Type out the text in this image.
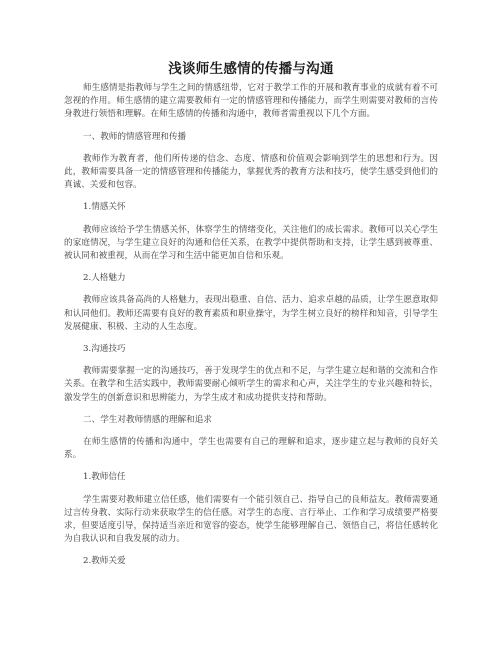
浅谈师生感情的传播与沟通

师生感情是指教师与学生之间的情感纽带，它对于教学工作的开展和教育事业的成就有着不可忽视的作用。师生感情的建立需要教师有一定的情感管理和传播能力，而学生则需要对教师的言传身教进行领悟和理解。在师生感情的传播和沟通中，教师者需重视以下几个方面。

一、教师的情感管理和传播

教师作为教育者，他们所传递的信念、态度、情感和价值观会影响到学生的思想和行为。因此，教师需要具备一定的情感管理和传播能力，掌握优秀的教育方法和技巧，使学生感受到他们的真诚、关爱和包容。

1.情感关怀

教师应该给予学生情感关怀，体察学生的情绪变化，关注他们的成长需求。教师可以关心学生的家庭情况，与学生建立良好的沟通和信任关系，在教学中提供帮助和支持，让学生感到被尊重、被认同和被重视，从而在学习和生活中能更加自信和乐观。

2.人格魅力

教师应该具备高尚的人格魅力，表现出稳重、自信、活力、追求卓越的品质，让学生愿意取仰和认同他们。教师还需要有良好的教育素质和职业操守，为学生树立良好的榜样和知音，引导学生发展健康、积极、主动的人生态度。

3.沟通技巧

教师需要掌握一定的沟通技巧，善于发现学生的优点和不足，与学生建立起和谐的交流和合作关系。在教学和生活实践中，教师需要耐心倾听学生的需求和心声，关注学生的专业兴趣和特长，激发学生的创新意识和思辨能力，为学生成才和成功提供支持和帮助。

二、学生对教师情感的理解和追求

在师生感情的传播和沟通中，学生也需要有自己的理解和追求，逐步建立起与教师的良好关系。

1.教师信任

学生需要对教师建立信任感，他们需要有一个能引领自己、指导自己的良师益友。教师需要通过言传身教、实际行动来获取学生的信任感。对学生的态度、言行举止、工作和学习成绩要严格要求，但要适度引导，保持适当亲近和宽容的姿态，使学生能够理解自己、领悟自己，将信任感转化为自我认识和自我发展的动力。

2.教师关爱
